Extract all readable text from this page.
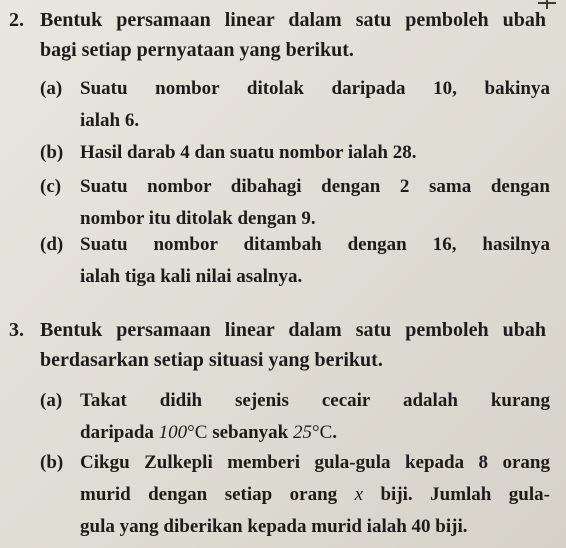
2. Bentuk persamaan linear dalam satu pemboleh ubah
bagi setiap pernyataan yang berikut.
(a) Suatu nombor ditolak daripada 10, bakinya
ialah 6.
(b) Hasil darab 4 dan suatu nombor ialah 28.
(c) Suatu nombor dibahagi dengan 2 sama dengan
nombor itu ditolak dengan 9.
(d) Suatu nombor ditambah dengan 16, hasilnya
ialah tiga kali nilai asalnya.
3. Bentuk persamaan linear dalam satu pemboleh ubah
berdasarkan setiap situasi yang berikut.
(a) Takat didih sejenis cecair adalah kurang
daripada 100°C sebanyak 25°C.
(b) Cikgu Zulkepli memberi gula-gula kepada 8 orang
murid dengan setiap orang x biji. Jumlah gula-
gula yang diberikan kepada murid ialah 40 biji.
